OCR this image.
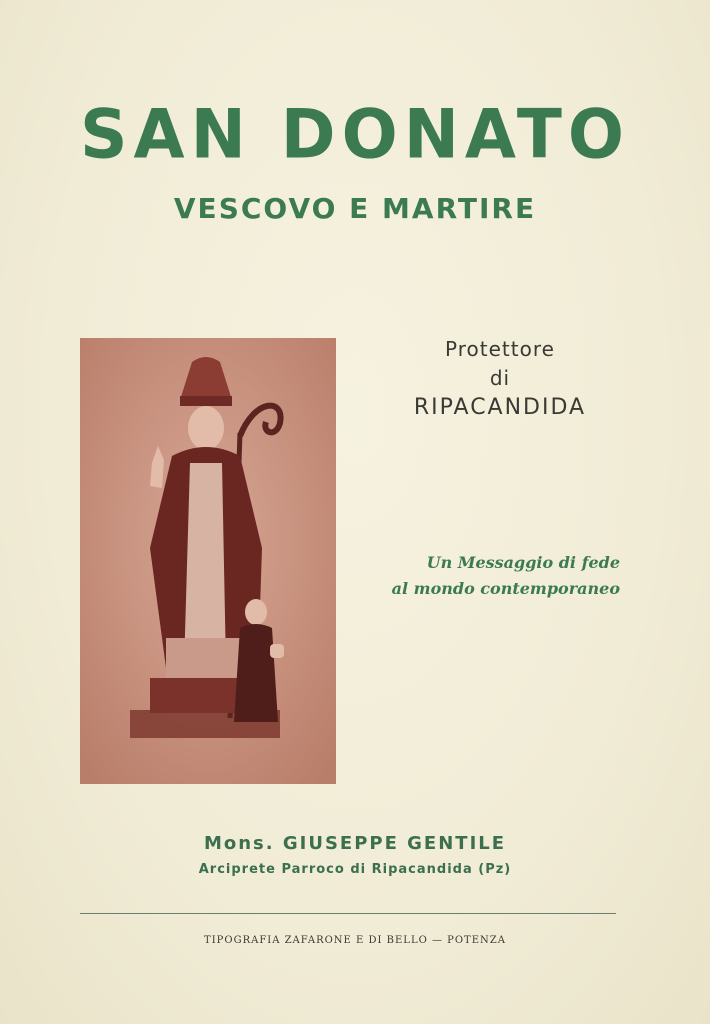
SAN DONATO
VESCOVO E MARTIRE
Protettore
di
RIPACANDIDA
Un Messaggio di fede
al mondo contemporaneo
Mons. GIUSEPPE GENTILE
Arciprete Parroco di Ripacandida (Pz)
TIPOGRAFIA ZAFARONE E DI BELLO — POTENZA
